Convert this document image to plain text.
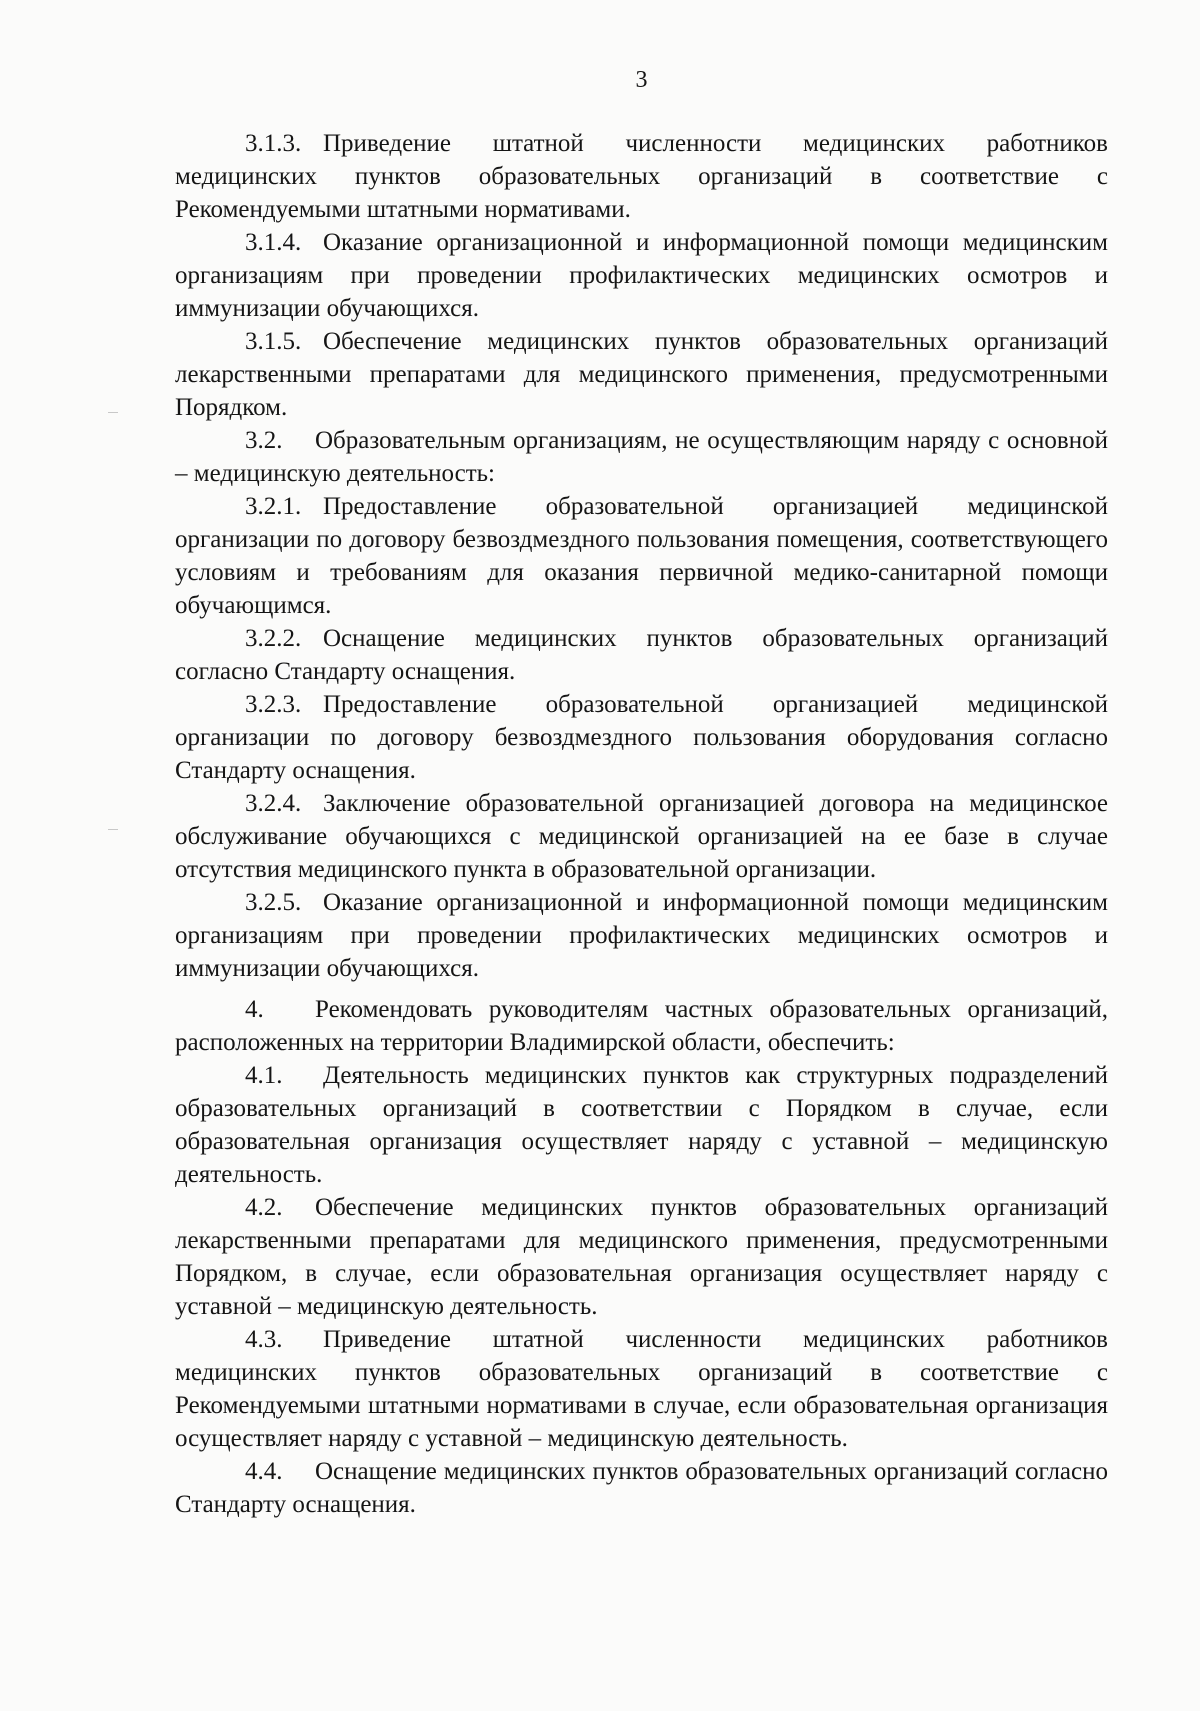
3

3.1.3. Приведение штатной численности медицинских работников медицинских пунктов образовательных организаций в соответствие с Рекомендуемыми штатными нормативами.

3.1.4. Оказание организационной и информационной помощи медицинским организациям при проведении профилактических медицинских осмотров и иммунизации обучающихся.

3.1.5. Обеспечение медицинских пунктов образовательных организаций лекарственными препаратами для медицинского применения, предусмотренными Порядком.

3.2. Образовательным организациям, не осуществляющим наряду с основной – медицинскую деятельность:

3.2.1. Предоставление образовательной организацией медицинской организации по договору безвоздмездного пользования помещения, соответствующего условиям и требованиям для оказания первичной медико-санитарной помощи обучающимся.

3.2.2. Оснащение медицинских пунктов образовательных организаций согласно Стандарту оснащения.

3.2.3. Предоставление образовательной организацией медицинской организации по договору безвоздмездного пользования оборудования согласно Стандарту оснащения.

3.2.4. Заключение образовательной организацией договора на медицинское обслуживание обучающихся с медицинской организацией на ее базе в случае отсутствия медицинского пункта в образовательной организации.

3.2.5. Оказание организационной и информационной помощи медицинским организациям при проведении профилактических медицинских осмотров и иммунизации обучающихся.

4. Рекомендовать руководителям частных образовательных организаций, расположенных на территории Владимирской области, обеспечить:

4.1. Деятельность медицинских пунктов как структурных подразделений образовательных организаций в соответствии с Порядком в случае, если образовательная организация осуществляет наряду с уставной – медицинскую деятельность.

4.2. Обеспечение медицинских пунктов образовательных организаций лекарственными препаратами для медицинского применения, предусмотренными Порядком, в случае, если образовательная организация осуществляет наряду с уставной – медицинскую деятельность.

4.3. Приведение штатной численности медицинских работников медицинских пунктов образовательных организаций в соответствие с Рекомендуемыми штатными нормативами в случае, если образовательная организация осуществляет наряду с уставной – медицинскую деятельность.

4.4. Оснащение медицинских пунктов образовательных организаций согласно Стандарту оснащения.
